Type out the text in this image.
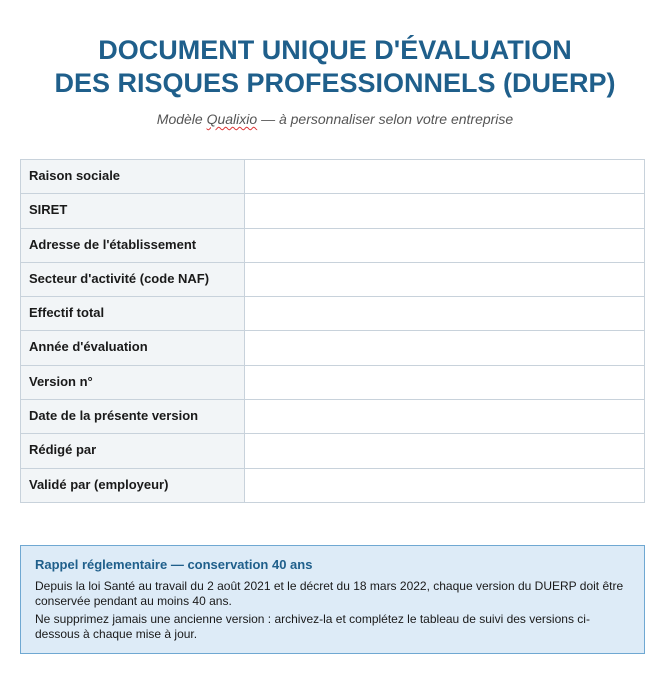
DOCUMENT UNIQUE D'ÉVALUATION
DES RISQUES PROFESSIONNELS (DUERP)
Modèle Qualixio — à personnaliser selon votre entreprise
Raison sociale	
SIRET	
Adresse de l'établissement	
Secteur d'activité (code NAF)	
Effectif total	
Année d'évaluation	
Version n°	
Date de la présente version	
Rédigé par	
Validé par (employeur)	
Rappel réglementaire — conservation 40 ans
Depuis la loi Santé au travail du 2 août 2021 et le décret du 18 mars 2022, chaque version du DUERP doit être conservée pendant au moins 40 ans.
Ne supprimez jamais une ancienne version : archivez-la et complétez le tableau de suivi des versions ci-dessous à chaque mise à jour.
